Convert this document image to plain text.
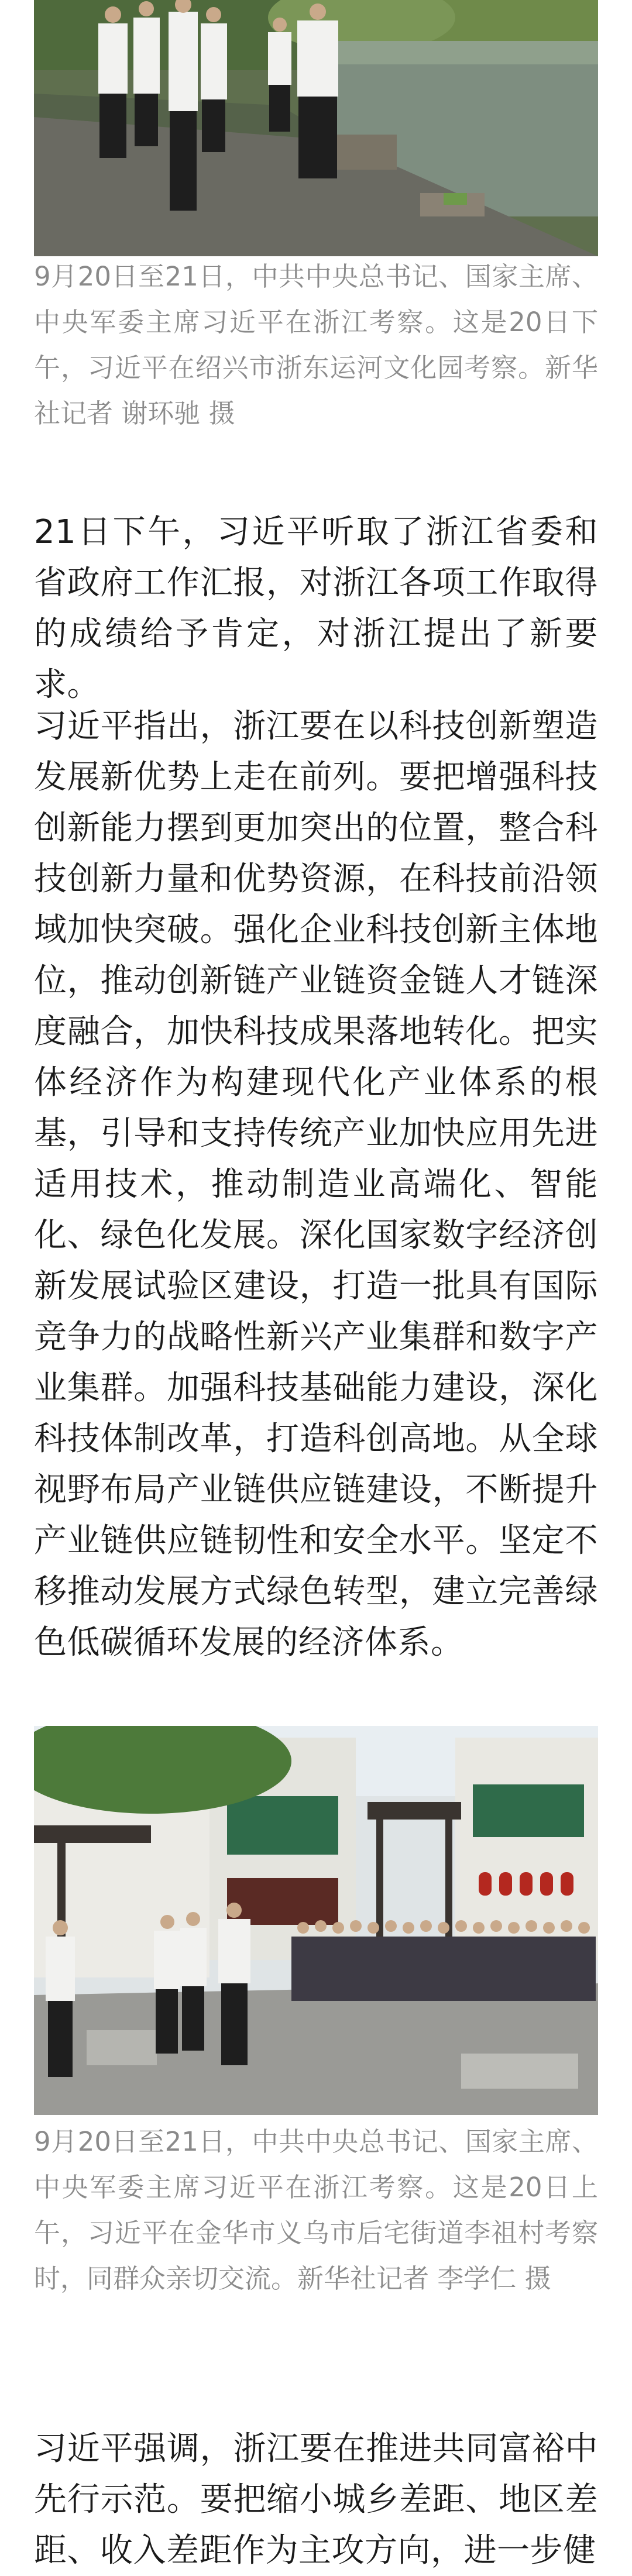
9月20日至21日，中共中央总书记、国家主席、中央军委主席习近平在浙江考察。这是20日下午，习近平在绍兴市浙东运河文化园考察。新华社记者 谢环驰 摄

21日下午，习近平听取了浙江省委和省政府工作汇报，对浙江各项工作取得的成绩给予肯定，对浙江提出了新要求。

习近平指出，浙江要在以科技创新塑造发展新优势上走在前列。要把增强科技创新能力摆到更加突出的位置，整合科技创新力量和优势资源，在科技前沿领域加快突破。强化企业科技创新主体地位，推动创新链产业链资金链人才链深度融合，加快科技成果落地转化。把实体经济作为构建现代化产业体系的根基，引导和支持传统产业加快应用先进适用技术，推动制造业高端化、智能化、绿色化发展。深化国家数字经济创新发展试验区建设，打造一批具有国际竞争力的战略性新兴产业集群和数字产业集群。加强科技基础能力建设，深化科技体制改革，打造科创高地。从全球视野布局产业链供应链建设，不断提升产业链供应链韧性和安全水平。坚定不移推动发展方式绿色转型，建立完善绿色低碳循环发展的经济体系。

9月20日至21日，中共中央总书记、国家主席、中央军委主席习近平在浙江考察。这是20日上午，习近平在金华市义乌市后宅街道李祖村考察时，同群众亲切交流。新华社记者 李学仁 摄

习近平强调，浙江要在推进共同富裕中先行示范。要把缩小城乡差距、地区差距、收入差距作为主攻方向，进一步健
